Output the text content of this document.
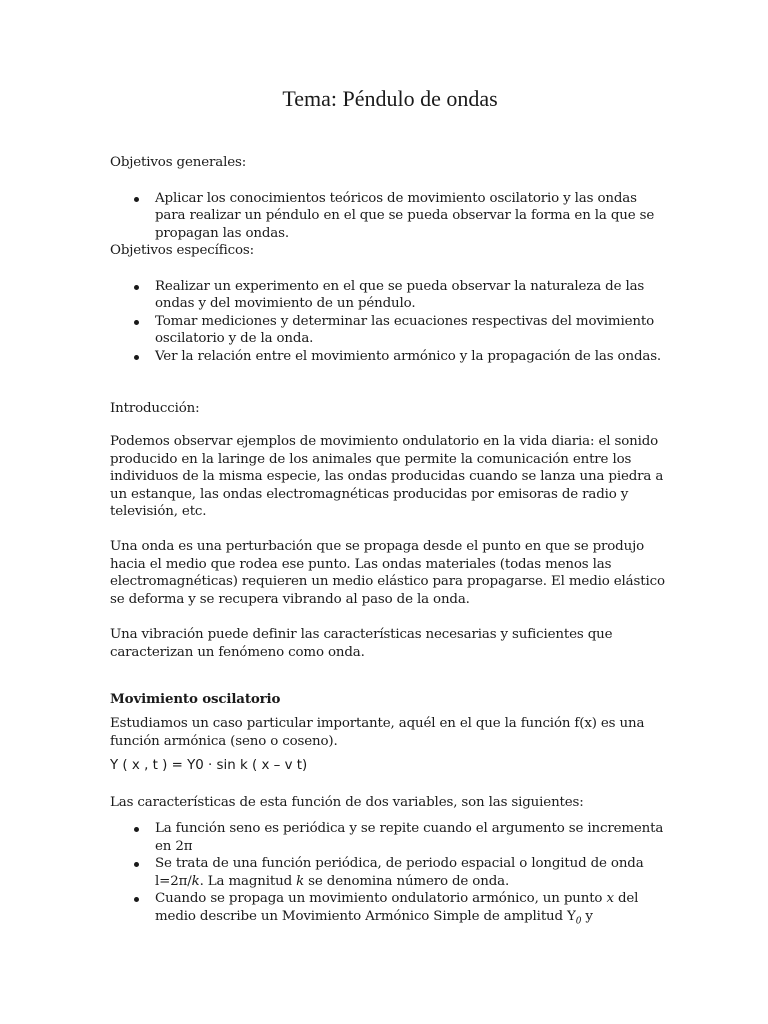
Tema: Péndulo de ondas

Objetivos generales:

Aplicar los conocimientos teóricos de movimiento oscilatorio y las ondas para realizar un péndulo en el que se pueda observar la forma en la que se propagan las ondas.

Objetivos específicos:

Realizar un experimento en el que se pueda observar la naturaleza de las ondas y del movimiento de un péndulo.
Tomar mediciones y determinar las ecuaciones respectivas del movimiento oscilatorio y de la onda.
Ver la relación entre el movimiento armónico y la propagación de las ondas.

Introducción:

Podemos observar ejemplos de movimiento ondulatorio en la vida diaria: el sonido producido en la laringe de los animales que permite la comunicación entre los individuos de la misma especie, las ondas producidas cuando se lanza una piedra a un estanque, las ondas electromagnéticas producidas por emisoras de radio y televisión, etc.

Una onda es una perturbación que se propaga desde el punto en que se produjo hacia el medio que rodea ese punto. Las ondas materiales (todas menos las electromagnéticas) requieren un medio elástico para propagarse. El medio elástico se deforma y se recupera vibrando al paso de la onda.

Una vibración puede definir las características necesarias y suficientes que caracterizan un fenómeno como onda.

Movimiento oscilatorio

Estudiamos un caso particular importante, aquél en el que la función f(x) es una función armónica (seno o coseno).

Y ( x , t ) = Y0 · sin k ( x – v t)

Las características de esta función de dos variables, son las siguientes:

La función seno es periódica y se repite cuando el argumento se incrementa en 2π
Se trata de una función periódica, de periodo espacial o longitud de onda l=2π/k. La magnitud k se denomina número de onda.
Cuando se propaga un movimiento ondulatorio armónico, un punto x del medio describe un Movimiento Armónico Simple de amplitud $Y_0$ y
